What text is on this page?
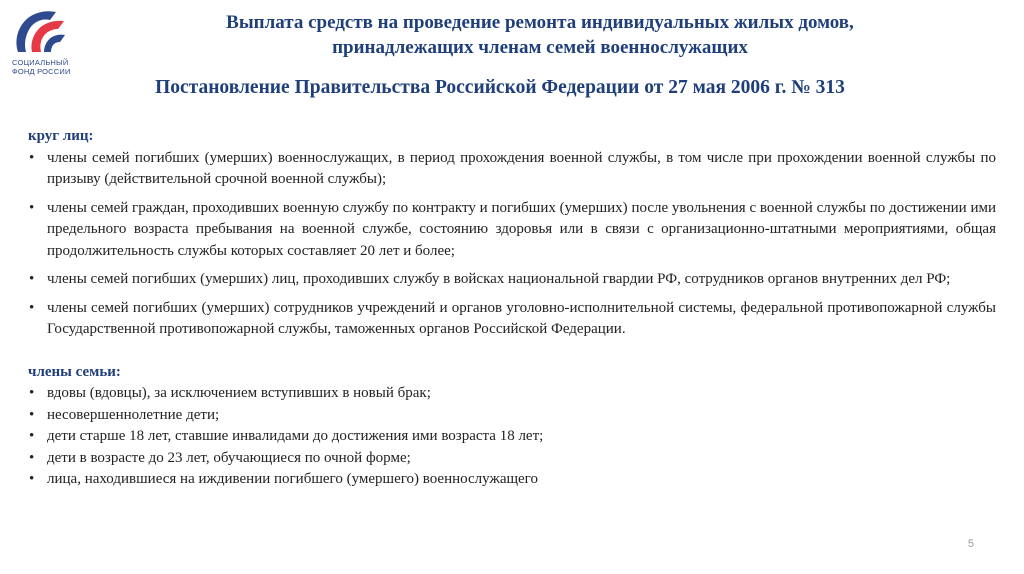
СОЦИАЛЬНЫЙ
ФОНД РОССИИ
Выплата средств на проведение ремонта индивидуальных жилых домов,
принадлежащих членам семей военнослужащих
Постановление Правительства Российской Федерации от 27 мая 2006 г. № 313
круг лиц:
• члены семей погибших (умерших) военнослужащих, в период прохождения военной службы, в том числе при прохождении военной службы по призыву (действительной срочной военной службы);
• члены семей граждан, проходивших военную службу по контракту и погибших (умерших) после увольнения с военной службы по достижении ими предельного возраста пребывания на военной службе, состоянию здоровья или в связи с организационно-штатными мероприятиями, общая продолжительность службы которых составляет 20 лет и более;
• члены семей погибших (умерших) лиц, проходивших службу в войсках национальной гвардии РФ, сотрудников органов внутренних дел РФ;
• члены семей погибших (умерших) сотрудников учреждений и органов уголовно-исполнительной системы, федеральной противопожарной службы Государственной противопожарной службы, таможенных органов Российской Федерации.
члены семьи:
• вдовы (вдовцы), за исключением вступивших в новый брак;
• несовершеннолетние дети;
• дети старше 18 лет, ставшие инвалидами до достижения ими возраста 18 лет;
• дети в возрасте до 23 лет, обучающиеся по очной форме;
• лица, находившиеся на иждивении погибшего (умершего) военнослужащего
5
